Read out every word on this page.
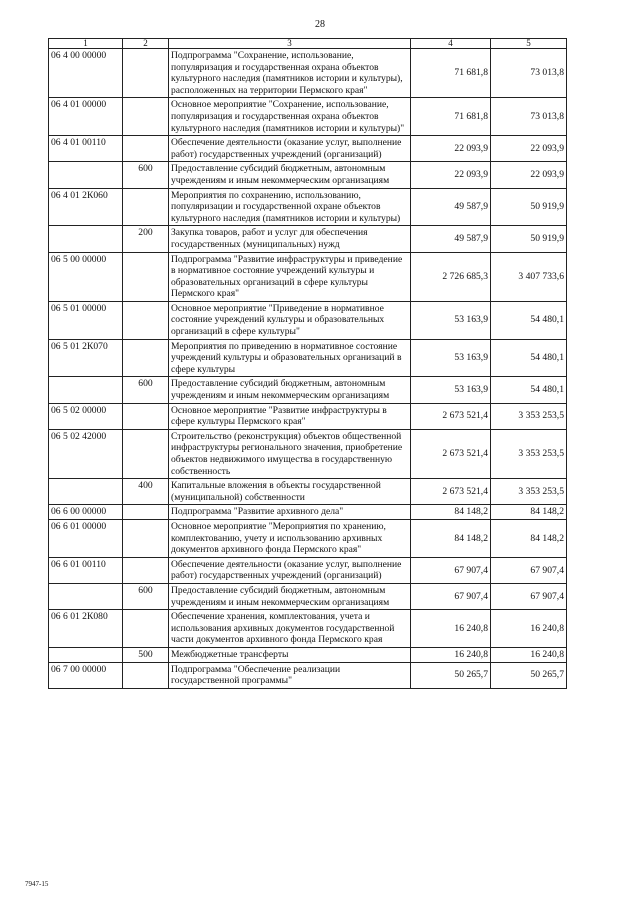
28
1	2	3	4	5
06 4 00 00000		Подпрограмма "Сохранение, использование, популяризация и государственная охрана объектов культурного наследия (памятников истории и культуры), расположенных на территории Пермского края"	71 681,8	73 013,8
06 4 01 00000		Основное мероприятие "Сохранение, использование, популяризация и государственная охрана объектов культурного наследия (памятников истории и культуры)"	71 681,8	73 013,8
06 4 01 00110		Обеспечение деятельности (оказание услуг, выполнение работ) государственных учреждений (организаций)	22 093,9	22 093,9
	600	Предоставление субсидий бюджетным, автономным учреждениям и иным некоммерческим организациям	22 093,9	22 093,9
06 4 01 2К060		Мероприятия по сохранению, использованию, популяризации и государственной охране объектов культурного наследия (памятников истории и культуры)	49 587,9	50 919,9
	200	Закупка товаров, работ и услуг для обеспечения государственных (муниципальных) нужд	49 587,9	50 919,9
06 5 00 00000		Подпрограмма "Развитие инфраструктуры и приведение в нормативное состояние учреждений культуры и образовательных организаций в сфере культуры Пермского края"	2 726 685,3	3 407 733,6
06 5 01 00000		Основное мероприятие "Приведение в нормативное состояние учреждений культуры и образовательных организаций в сфере культуры"	53 163,9	54 480,1
06 5 01 2К070		Мероприятия по приведению в нормативное состояние учреждений культуры и образовательных организаций в сфере культуры	53 163,9	54 480,1
	600	Предоставление субсидий бюджетным, автономным учреждениям и иным некоммерческим организациям	53 163,9	54 480,1
06 5 02 00000		Основное мероприятие "Развитие инфраструктуры в сфере культуры Пермского края"	2 673 521,4	3 353 253,5
06 5 02 42000		Строительство (реконструкция) объектов общественной инфраструктуры регионального значения, приобретение объектов недвижимого имущества в государственную собственность	2 673 521,4	3 353 253,5
	400	Капитальные вложения в объекты государственной (муниципальной) собственности	2 673 521,4	3 353 253,5
06 6 00 00000		Подпрограмма "Развитие архивного дела"	84 148,2	84 148,2
06 6 01 00000		Основное мероприятие "Мероприятия по хранению, комплектованию, учету и использованию архивных документов архивного фонда Пермского края"	84 148,2	84 148,2
06 6 01 00110		Обеспечение деятельности (оказание услуг, выполнение работ) государственных учреждений (организаций)	67 907,4	67 907,4
	600	Предоставление субсидий бюджетным, автономным учреждениям и иным некоммерческим организациям	67 907,4	67 907,4
06 6 01 2К080		Обеспечение хранения, комплектования, учета и использования архивных документов государственной части документов архивного фонда Пермского края	16 240,8	16 240,8
	500	Межбюджетные трансферты	16 240,8	16 240,8
06 7 00 00000		Подпрограмма "Обеспечение реализации государственной программы"	50 265,7	50 265,7
7947-15
